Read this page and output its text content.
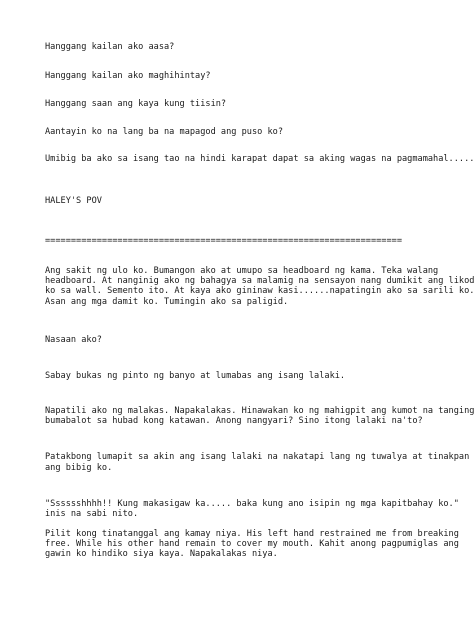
Hanggang kailan ako aasa?

Hanggang kailan ako maghihintay?

Hanggang saan ang kaya kung tiisin?

Aantayin ko na lang ba na mapagod ang puso ko?

Umibig ba ako sa isang tao na hindi karapat dapat sa aking wagas na pagmamahal.....

HALEY'S POV

=====================================================================

Ang sakit ng ulo ko. Bumangon ako at umupo sa headboard ng kama. Teka walang

headboard. At nanginig ako ng bahagya sa malamig na sensayon nang dumikit ang likod

ko sa wall. Semento ito. At kaya ako gininaw kasi......napatingin ako sa sarili ko.

Asan ang mga damit ko. Tumingin ako sa paligid.

Nasaan ako?

Sabay bukas ng pinto ng banyo at lumabas ang isang lalaki.

Napatili ako ng malakas. Napakalakas. Hinawakan ko ng mahigpit ang kumot na tanging

bumabalot sa hubad kong katawan. Anong nangyari? Sino itong lalaki na'to?

Patakbong lumapit sa akin ang isang lalaki na nakatapi lang ng tuwalya at tinakpan

ang bibig ko.

"Sssssshhhh!! Kung makasigaw ka..... baka kung ano isipin ng mga kapitbahay ko."

inis na sabi nito.

Pilit kong tinatanggal ang kamay niya. His left hand restrained me from breaking

free. While his other hand remain to cover my mouth. Kahit anong pagpumiglas ang

gawin ko hindiko siya kaya. Napakalakas niya.
